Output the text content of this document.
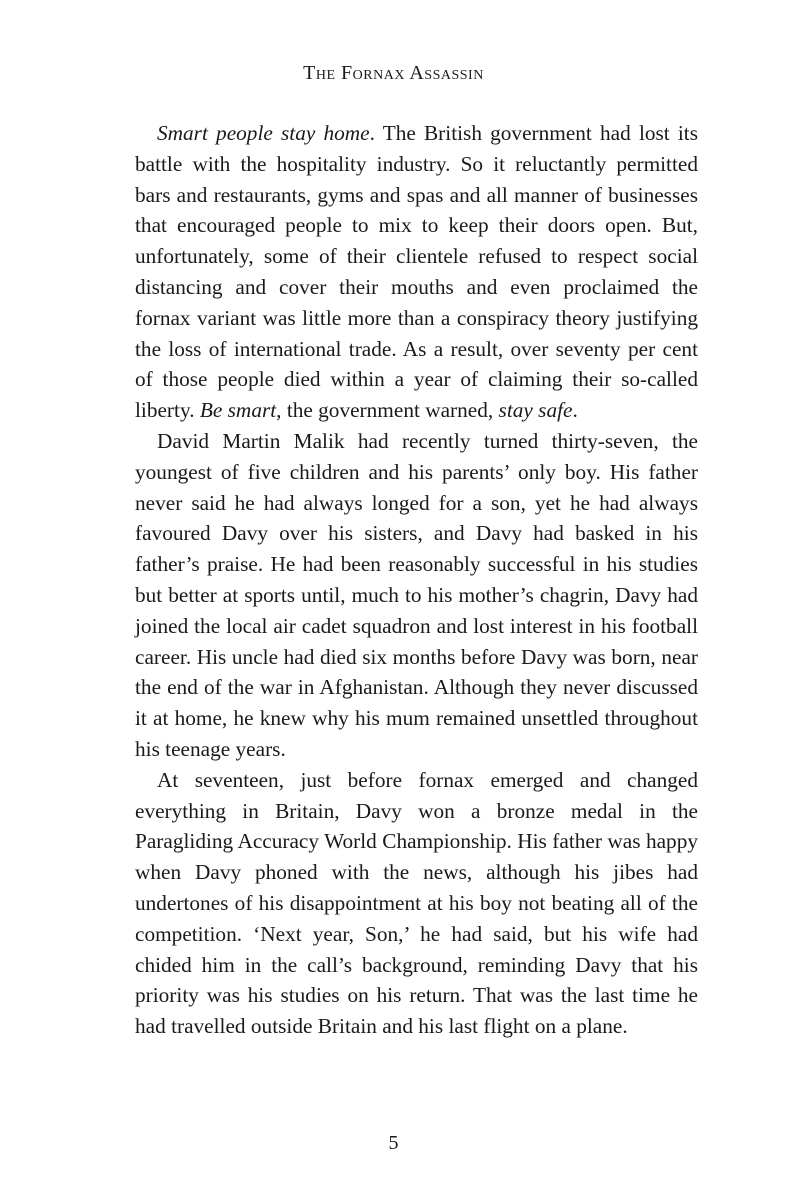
The Fornax Assassin

Smart people stay home. The British government had lost its battle with the hospitality industry. So it reluctantly permitted bars and restaurants, gyms and spas and all manner of businesses that encouraged people to mix to keep their doors open. But, unfortunately, some of their clientele refused to respect social distancing and cover their mouths and even proclaimed the fornax variant was little more than a conspiracy theory justifying the loss of international trade. As a result, over seventy per cent of those people died within a year of claiming their so-called liberty. Be smart, the government warned, stay safe.

David Martin Malik had recently turned thirty-seven, the youngest of five children and his parents’ only boy. His father never said he had always longed for a son, yet he had always favoured Davy over his sisters, and Davy had basked in his father’s praise. He had been reasonably successful in his studies but better at sports until, much to his mother’s chagrin, Davy had joined the local air cadet squadron and lost interest in his football career. His uncle had died six months before Davy was born, near the end of the war in Afghanistan. Although they never discussed it at home, he knew why his mum remained unsettled throughout his teenage years.

At seventeen, just before fornax emerged and changed everything in Britain, Davy won a bronze medal in the Paragliding Accuracy World Championship. His father was happy when Davy phoned with the news, although his jibes had undertones of his disappointment at his boy not beating all of the competition. ‘Next year, Son,’ he had said, but his wife had chided him in the call’s background, reminding Davy that his priority was his studies on his return. That was the last time he had travelled outside Britain and his last flight on a plane.

5
